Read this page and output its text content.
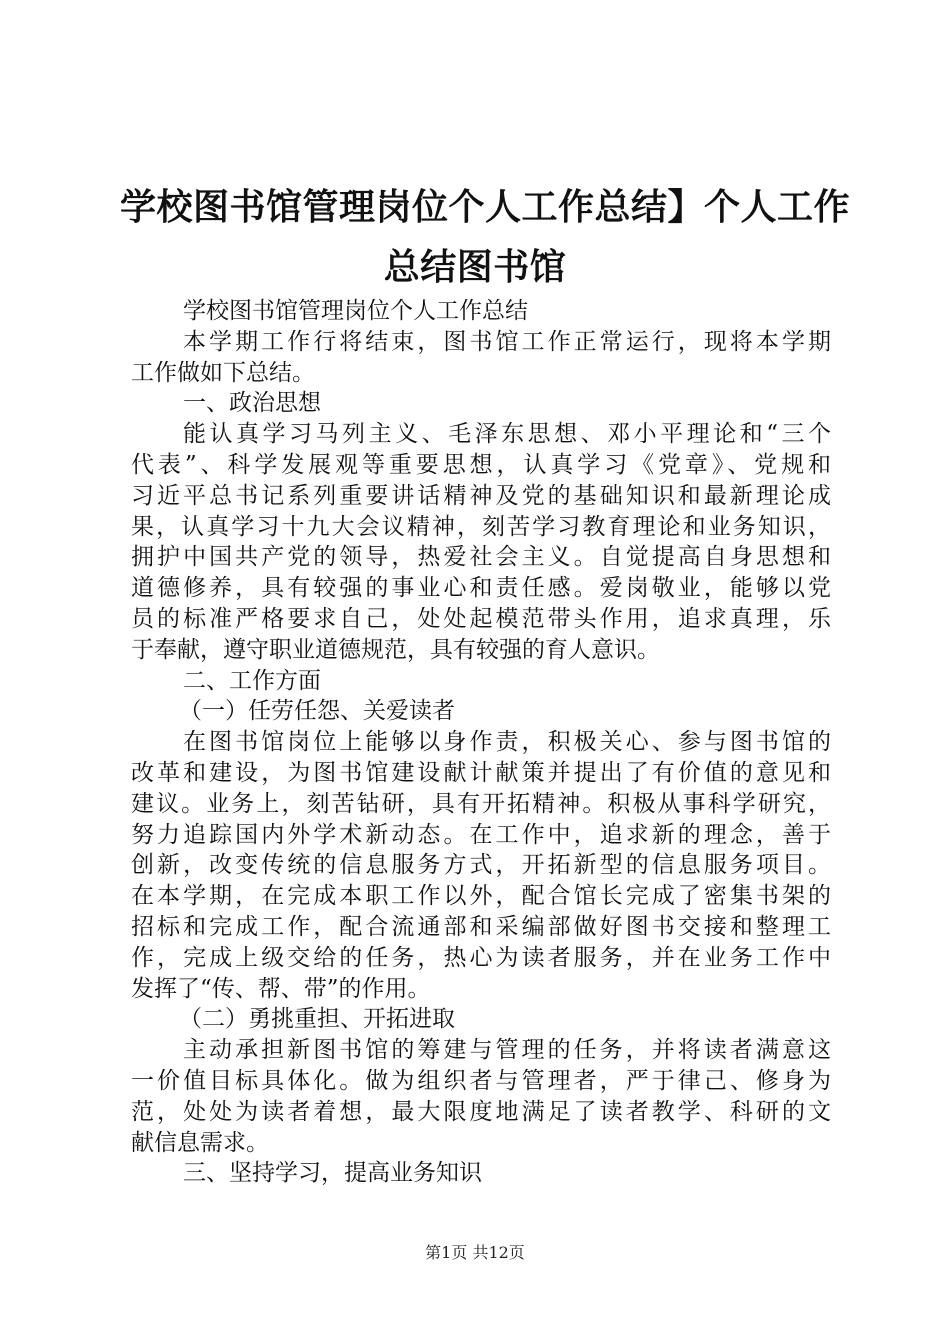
学校图书馆管理岗位个人工作总结】个人工作
总结图书馆
学校图书馆管理岗位个人工作总结
本学期工作行将结束，图书馆工作正常运行，现将本学期
工作做如下总结。
一、政治思想
能认真学习马列主义、毛泽东思想、邓小平理论和“三个
代表”、科学发展观等重要思想，认真学习《党章》、党规和
习近平总书记系列重要讲话精神及党的基础知识和最新理论成
果，认真学习十九大会议精神，刻苦学习教育理论和业务知识，
拥护中国共产党的领导，热爱社会主义。自觉提高自身思想和
道德修养，具有较强的事业心和责任感。爱岗敬业，能够以党
员的标准严格要求自己，处处起模范带头作用，追求真理，乐
于奉献，遵守职业道德规范，具有较强的育人意识。
二、工作方面
（一）任劳任怨、关爱读者
在图书馆岗位上能够以身作责，积极关心、参与图书馆的
改革和建设，为图书馆建设献计献策并提出了有价值的意见和
建议。业务上，刻苦钻研，具有开拓精神。积极从事科学研究，
努力追踪国内外学术新动态。在工作中，追求新的理念，善于
创新，改变传统的信息服务方式，开拓新型的信息服务项目。
在本学期，在完成本职工作以外，配合馆长完成了密集书架的
招标和完成工作，配合流通部和采编部做好图书交接和整理工
作，完成上级交给的任务，热心为读者服务，并在业务工作中
发挥了“传、帮、带”的作用。
（二）勇挑重担、开拓进取
主动承担新图书馆的筹建与管理的任务，并将读者满意这
一价值目标具体化。做为组织者与管理者，严于律己、修身为
范，处处为读者着想，最大限度地满足了读者教学、科研的文
献信息需求。
三、坚持学习，提高业务知识
第1页 共12页
